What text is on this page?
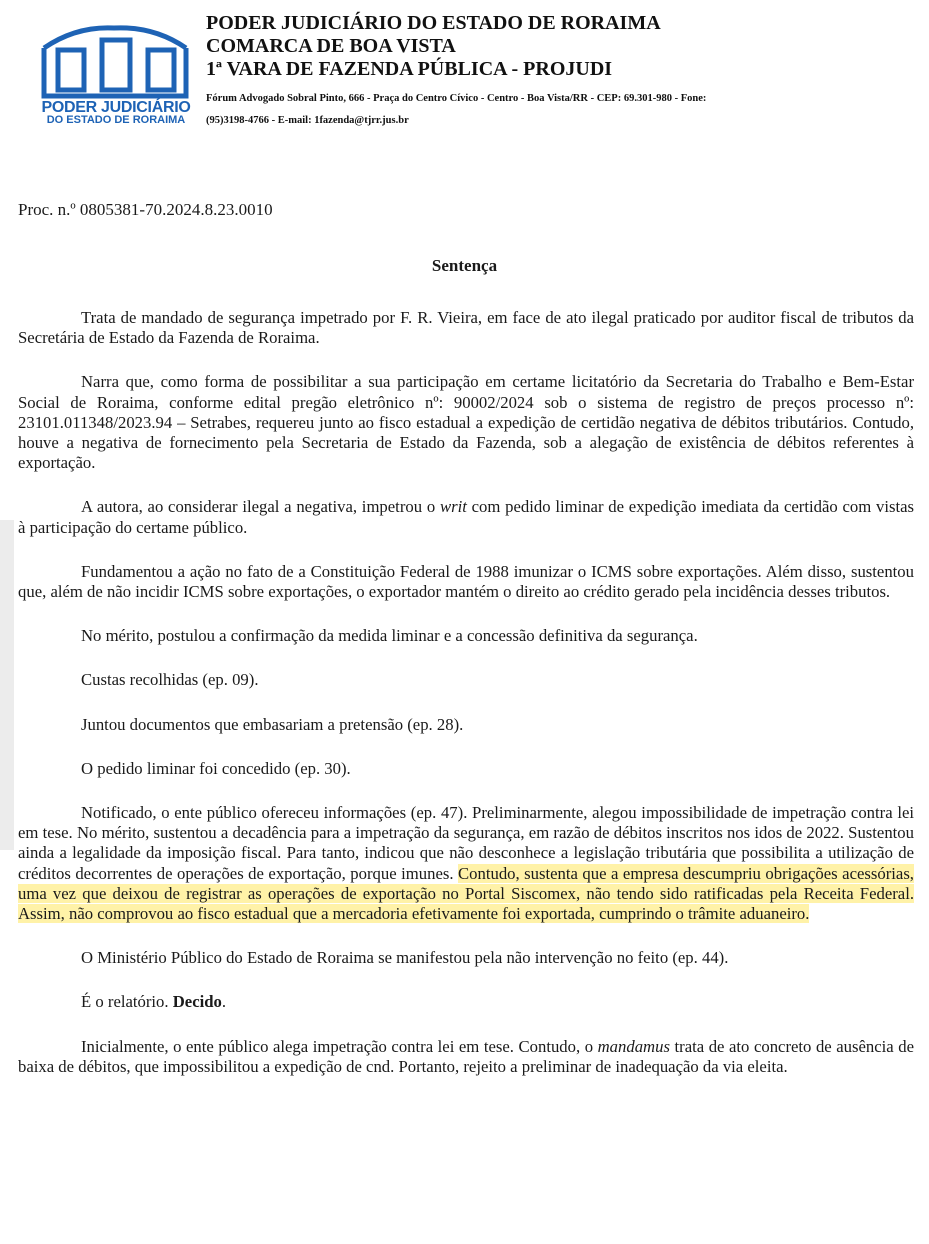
PODER JUDICIÁRIO
DO ESTADO DE RORAIMA
PODER JUDICIÁRIO DO ESTADO DE RORAIMA
COMARCA DE BOA VISTA
1ª VARA DE FAZENDA PÚBLICA - PROJUDI
Fórum Advogado Sobral Pinto, 666 - Praça do Centro Cívico - Centro - Boa Vista/RR - CEP: 69.301-980 - Fone:
(95)3198-4766 - E-mail: 1fazenda@tjrr.jus.br
Proc. n.º 0805381-70.2024.8.23.0010
Sentença

Trata de mandado de segurança impetrado por F. R. Vieira, em face de ato ilegal praticado por auditor fiscal de tributos da Secretária de Estado da Fazenda de Roraima.

Narra que, como forma de possibilitar a sua participação em certame licitatório da Secretaria do Trabalho e Bem-Estar Social de Roraima, conforme edital pregão eletrônico nº: 90002/2024 sob o sistema de registro de preços processo nº: 23101.011348/2023.94 – Setrabes, requereu junto ao fisco estadual a expedição de certidão negativa de débitos tributários. Contudo, houve a negativa de fornecimento pela Secretaria de Estado da Fazenda, sob a alegação de existência de débitos referentes à exportação.

A autora, ao considerar ilegal a negativa, impetrou o writ com pedido liminar de expedição imediata da certidão com vistas à participação do certame público.

Fundamentou a ação no fato de a Constituição Federal de 1988 imunizar o ICMS sobre exportações. Além disso, sustentou que, além de não incidir ICMS sobre exportações, o exportador mantém o direito ao crédito gerado pela incidência desses tributos.

No mérito, postulou a confirmação da medida liminar e a concessão definitiva da segurança.

Custas recolhidas (ep. 09).

Juntou documentos que embasariam a pretensão (ep. 28).

O pedido liminar foi concedido (ep. 30).

Notificado, o ente público ofereceu informações (ep. 47). Preliminarmente, alegou impossibilidade de impetração contra lei em tese. No mérito, sustentou a decadência para a impetração da segurança, em razão de débitos inscritos nos idos de 2022. Sustentou ainda a legalidade da imposição fiscal. Para tanto, indicou que não desconhece a legislação tributária que possibilita a utilização de créditos decorrentes de operações de exportação, porque imunes. Contudo, sustenta que a empresa descumpriu obrigações acessórias, uma vez que deixou de registrar as operações de exportação no Portal Siscomex, não tendo sido ratificadas pela Receita Federal. Assim, não comprovou ao fisco estadual que a mercadoria efetivamente foi exportada, cumprindo o trâmite aduaneiro.

O Ministério Público do Estado de Roraima se manifestou pela não intervenção no feito (ep. 44).

É o relatório. Decido.

Inicialmente, o ente público alega impetração contra lei em tese. Contudo, o mandamus trata de ato concreto de ausência de baixa de débitos, que impossibilitou a expedição de cnd. Portanto, rejeito a preliminar de inadequação da via eleita.
